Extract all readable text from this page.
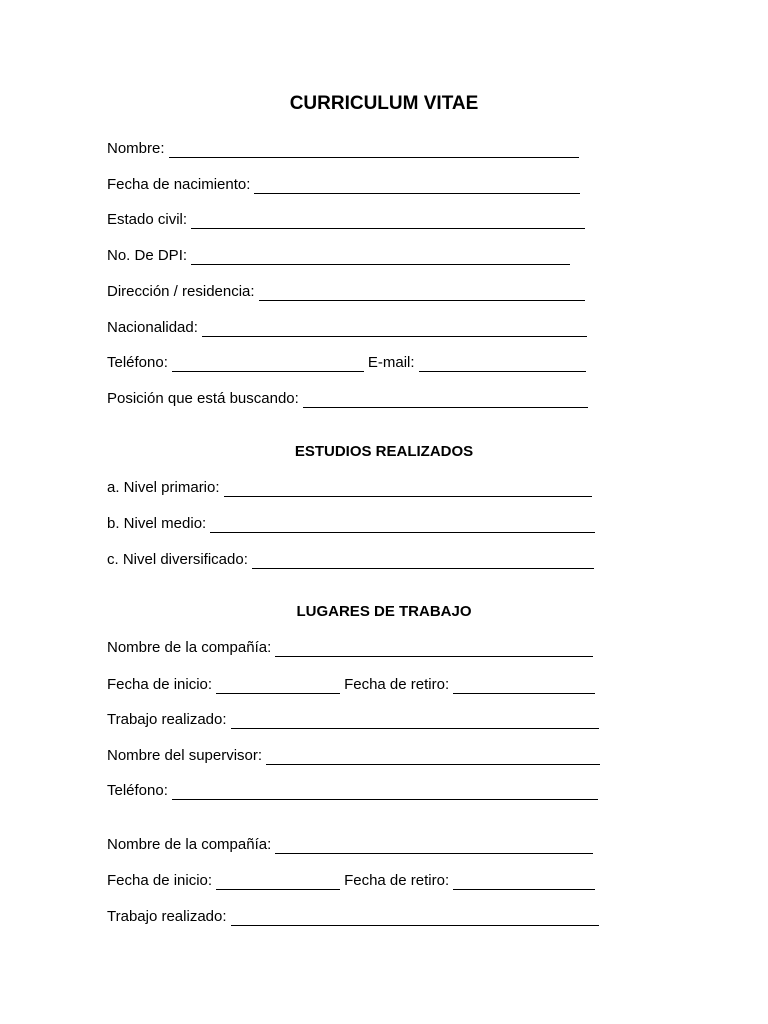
CURRICULUM VITAE
Nombre:
Fecha de nacimiento:
Estado civil:
No. De DPI:
Dirección / residencia:
Nacionalidad:
Teléfono:	E-mail:
Posición que está buscando:
ESTUDIOS REALIZADOS
a. Nivel primario:
b. Nivel medio:
c. Nivel diversificado:
LUGARES DE TRABAJO
Nombre de la compañía:
Fecha de inicio:	Fecha de retiro:
Trabajo realizado:
Nombre del supervisor:
Teléfono:
Nombre de la compañía:
Fecha de inicio:	Fecha de retiro:
Trabajo realizado:
